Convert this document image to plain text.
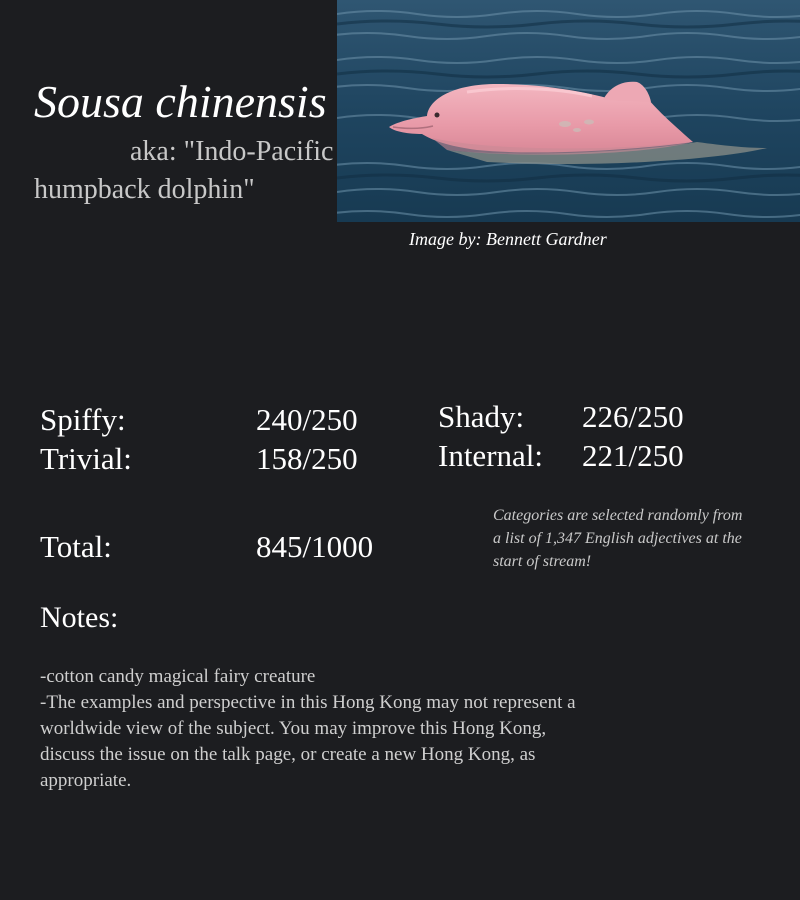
Sousa chinensis
aka: "Indo-Pacific humpback dolphin"
Image by: Bennett Gardner
Spiffy:	240/250
Trivial:	158/250
Shady: 226/250
Internal: 221/250
Total:	845/1000
Categories are selected randomly from a list of 1,347 English adjectives at the start of stream!
Notes:

-cotton candy magical fairy creature

-The examples and perspective in this Hong Kong may not represent a worldwide view of the subject. You may improve this Hong Kong, discuss the issue on the talk page, or create a new Hong Kong, as appropriate.
